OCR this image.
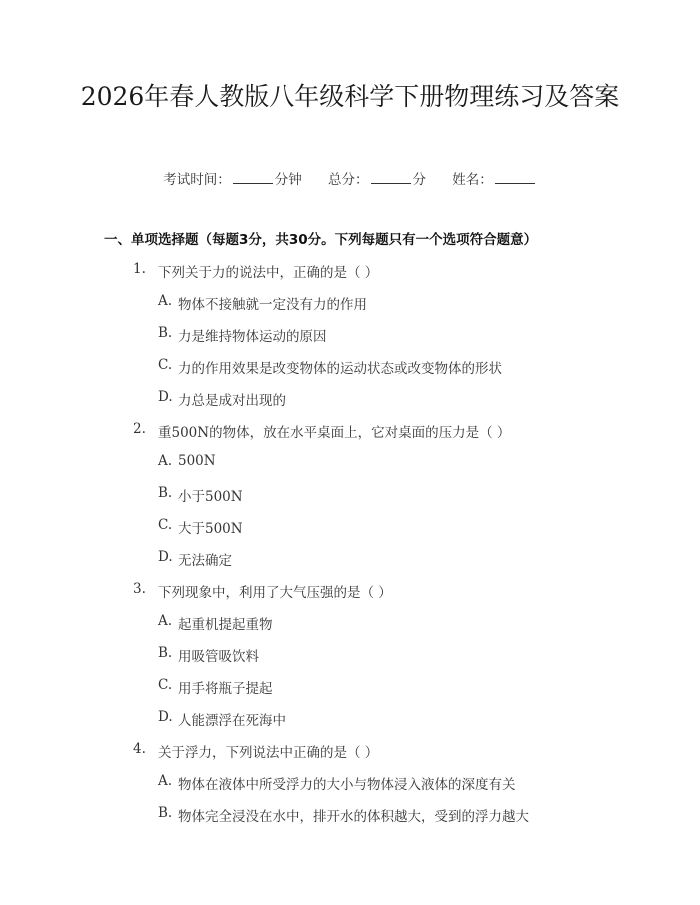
2026年春人教版八年级科学下册物理练习及答案
考试时间：	分钟 总分：	分 姓名：
一、单项选择题（每题3分，共30分。下列每题只有一个选项符合题意）
1. 下列关于力的说法中，正确的是（ ）
A. 物体不接触就一定没有力的作用
B. 力是维持物体运动的原因
C. 力的作用效果是改变物体的运动状态或改变物体的形状
D. 力总是成对出现的
2. 重500N的物体，放在水平桌面上，它对桌面的压力是（ ）
A. 500N
B. 小于500N
C. 大于500N
D. 无法确定
3. 下列现象中，利用了大气压强的是（ ）
A. 起重机提起重物
B. 用吸管吸饮料
C. 用手将瓶子提起
D. 人能漂浮在死海中
4. 关于浮力，下列说法中正确的是（ ）
A. 物体在液体中所受浮力的大小与物体浸入液体的深度有关
B. 物体完全浸没在水中，排开水的体积越大，受到的浮力越大
